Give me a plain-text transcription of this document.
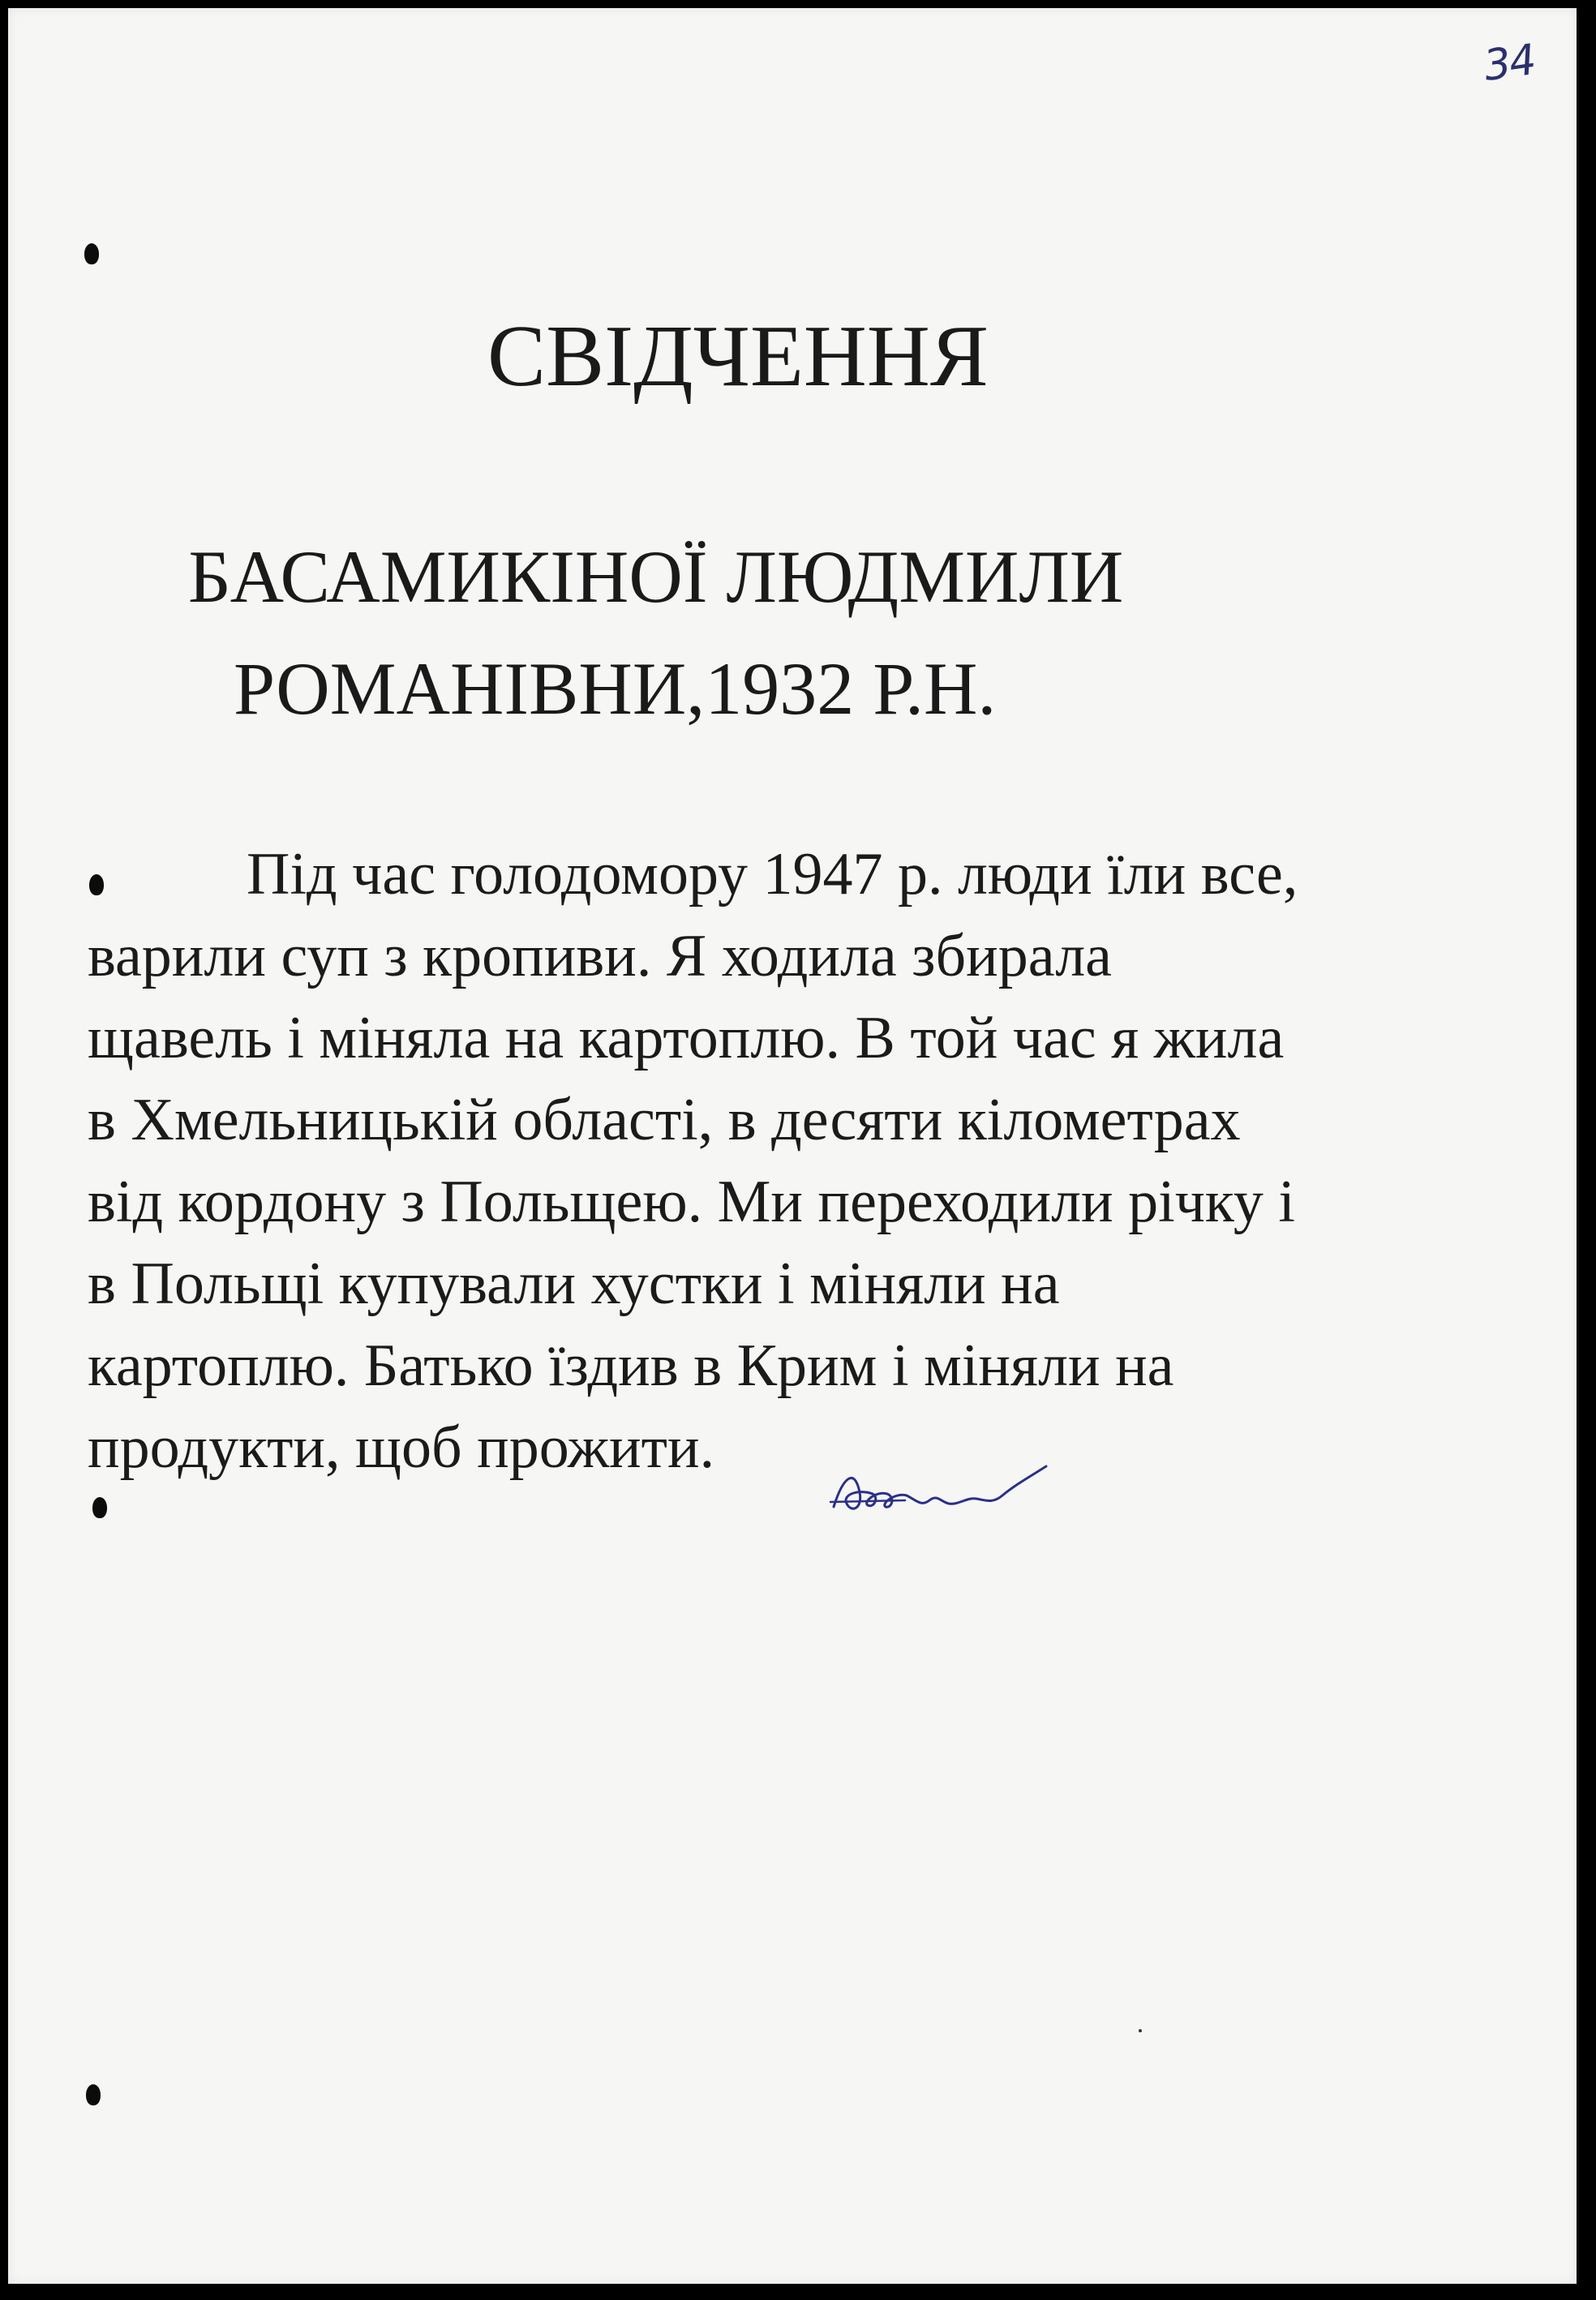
34
СВІДЧЕННЯ
БАСАМИКІНОЇ ЛЮДМИЛИ
РОМАНІВНИ,1932 Р.Н.
Під час голодомору 1947 р. люди їли все,
варили суп з кропиви. Я ходила збирала
щавель і міняла на картоплю. В той час я жила
в Хмельницькій області, в десяти кілометрах
від кордону з Польщею. Ми переходили річку і
в Польщі купували хустки і міняли на
картоплю. Батько їздив в Крим і міняли на
продукти, щоб прожити.
